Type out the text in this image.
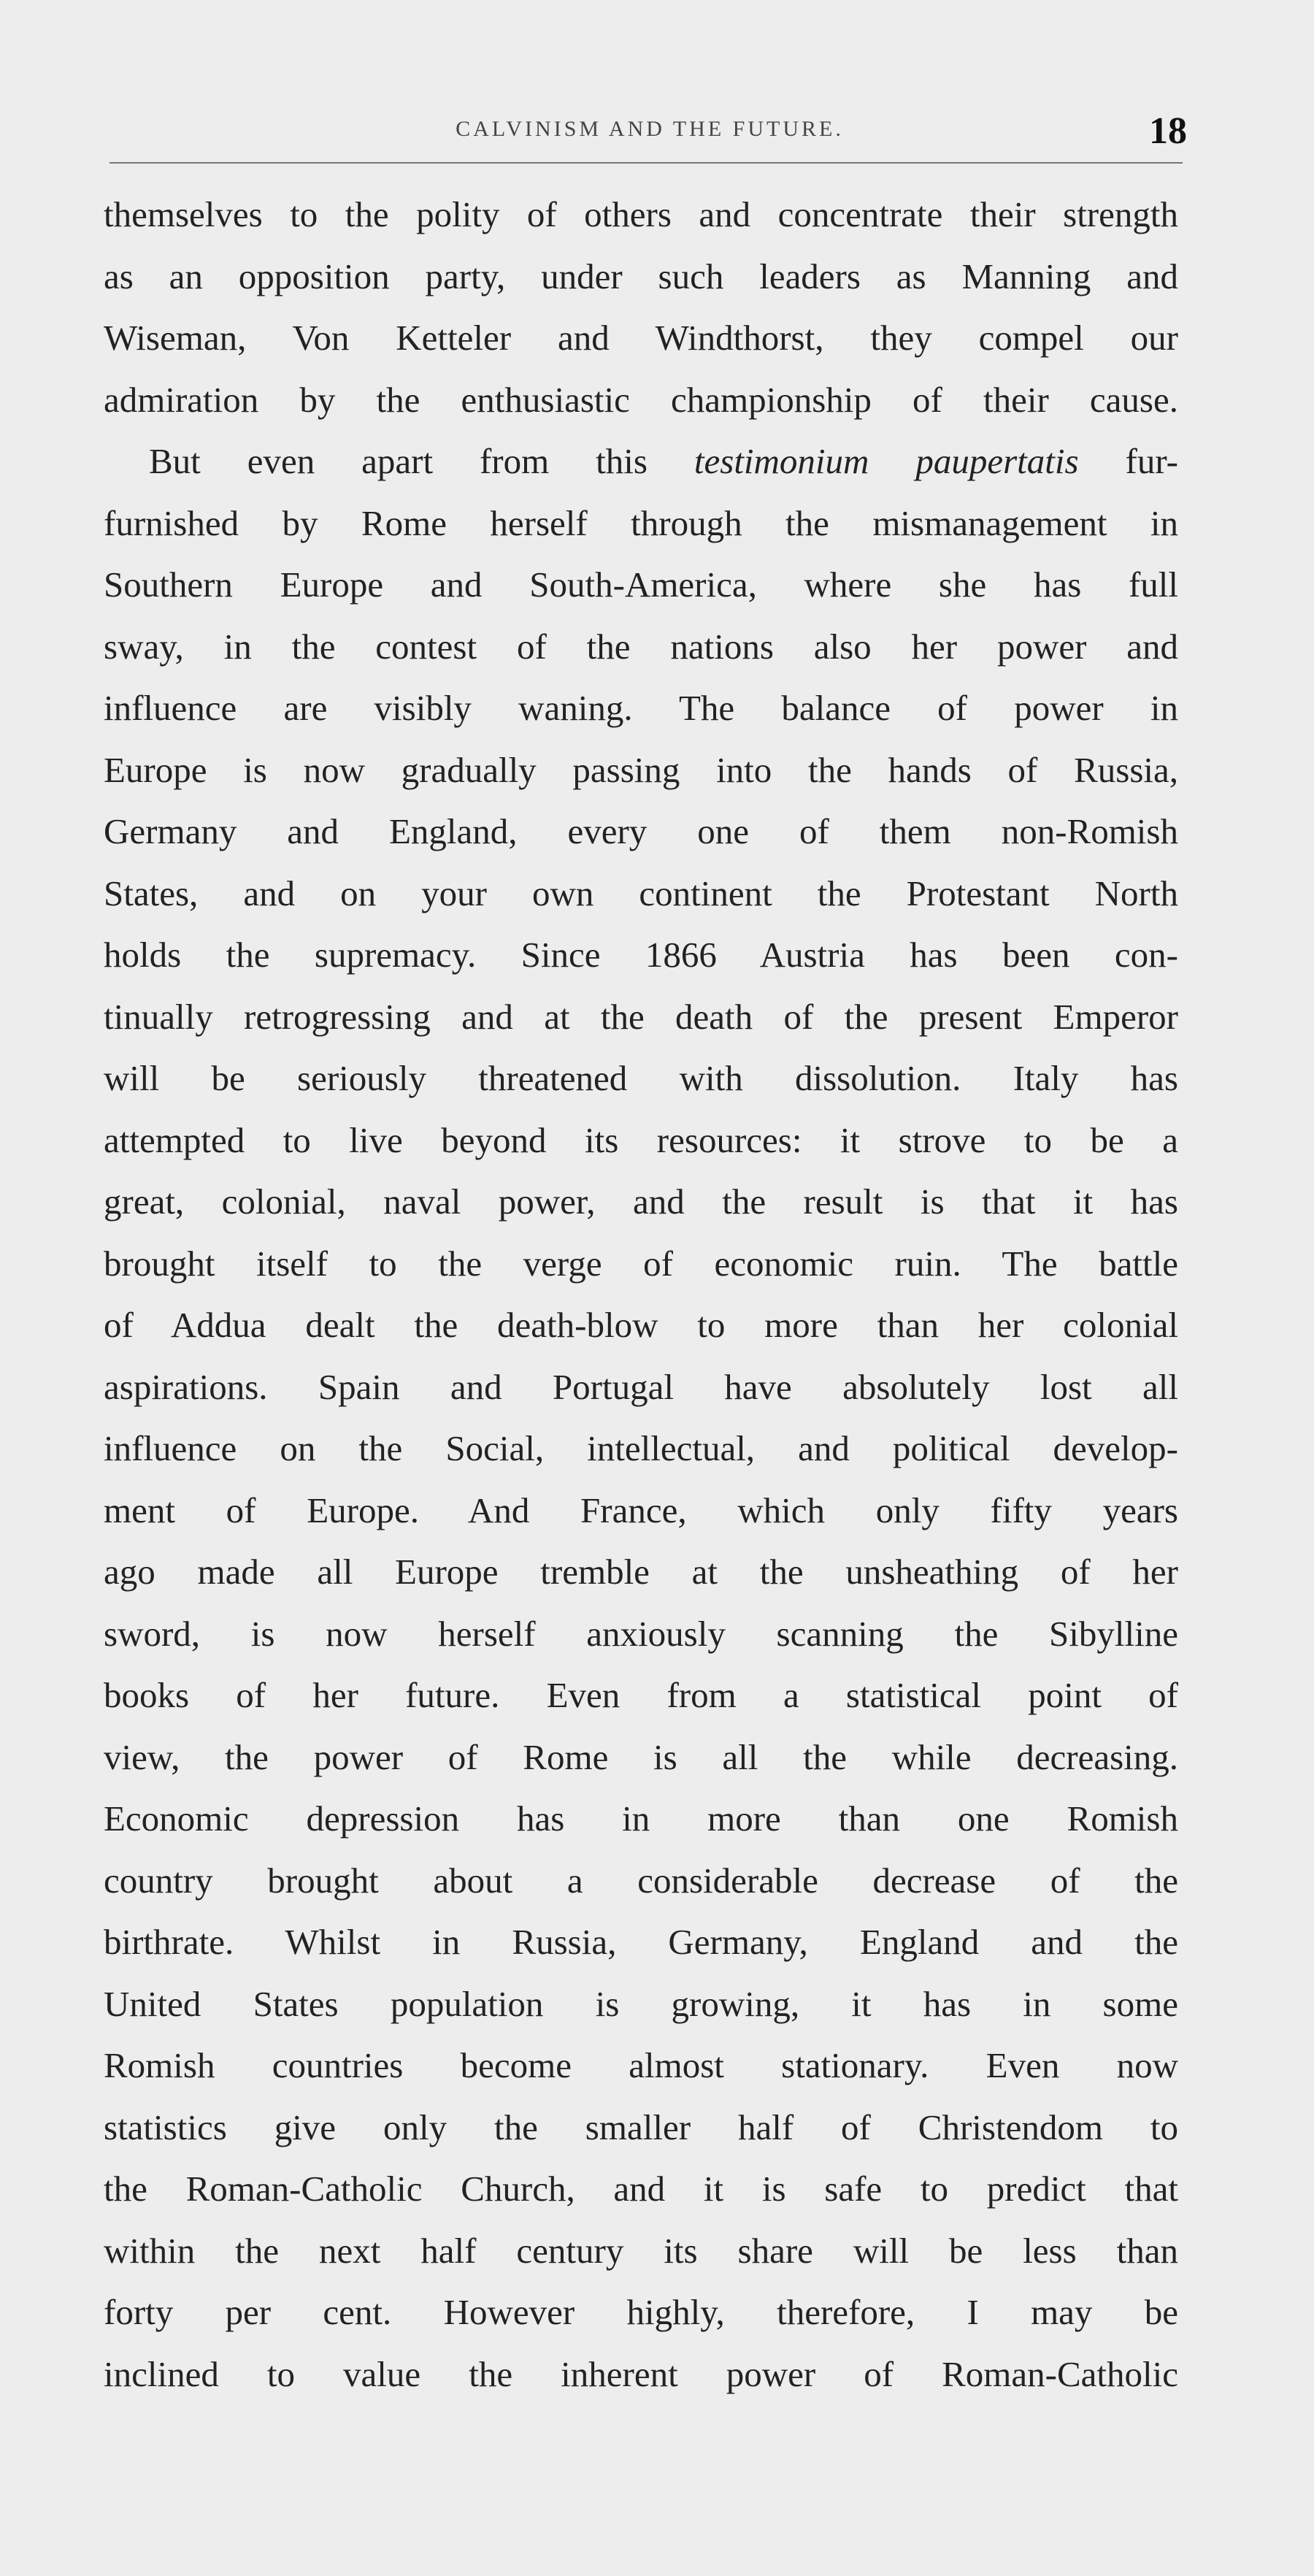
CALVINISM AND THE FUTURE.	18
themselves to the polity of others and concentrate their strength
as an opposition party, under such leaders as Manning and
Wiseman, Von Ketteler and Windthorst, they compel our
admiration by the enthusiastic championship of their cause.
But even apart from this testimonium paupertatis fur-
furnished by Rome herself through the mismanagement in
Southern Europe and South-America, where she has full
sway, in the contest of the nations also her power and
influence are visibly waning. The balance of power in
Europe is now gradually passing into the hands of Russia,
Germany and England, every one of them non-Romish
States, and on your own continent the Protestant North
holds the supremacy. Since 1866 Austria has been con-
tinually retrogressing and at the death of the present Emperor
will be seriously threatened with dissolution. Italy has
attempted to live beyond its resources: it strove to be a
great, colonial, naval power, and the result is that it has
brought itself to the verge of economic ruin. The battle
of Addua dealt the death-blow to more than her colonial
aspirations. Spain and Portugal have absolutely lost all
influence on the Social, intellectual, and political develop-
ment of Europe. And France, which only fifty years
ago made all Europe tremble at the unsheathing of her
sword, is now herself anxiously scanning the Sibylline
books of her future. Even from a statistical point of
view, the power of Rome is all the while decreasing.
Economic depression has in more than one Romish
country brought about a considerable decrease of the
birthrate. Whilst in Russia, Germany, England and the
United States population is growing, it has in some
Romish countries become almost stationary. Even now
statistics give only the smaller half of Christendom to
the Roman-Catholic Church, and it is safe to predict that
within the next half century its share will be less than
forty per cent. However highly, therefore, I may be
inclined to value the inherent power of Roman-Catholic
